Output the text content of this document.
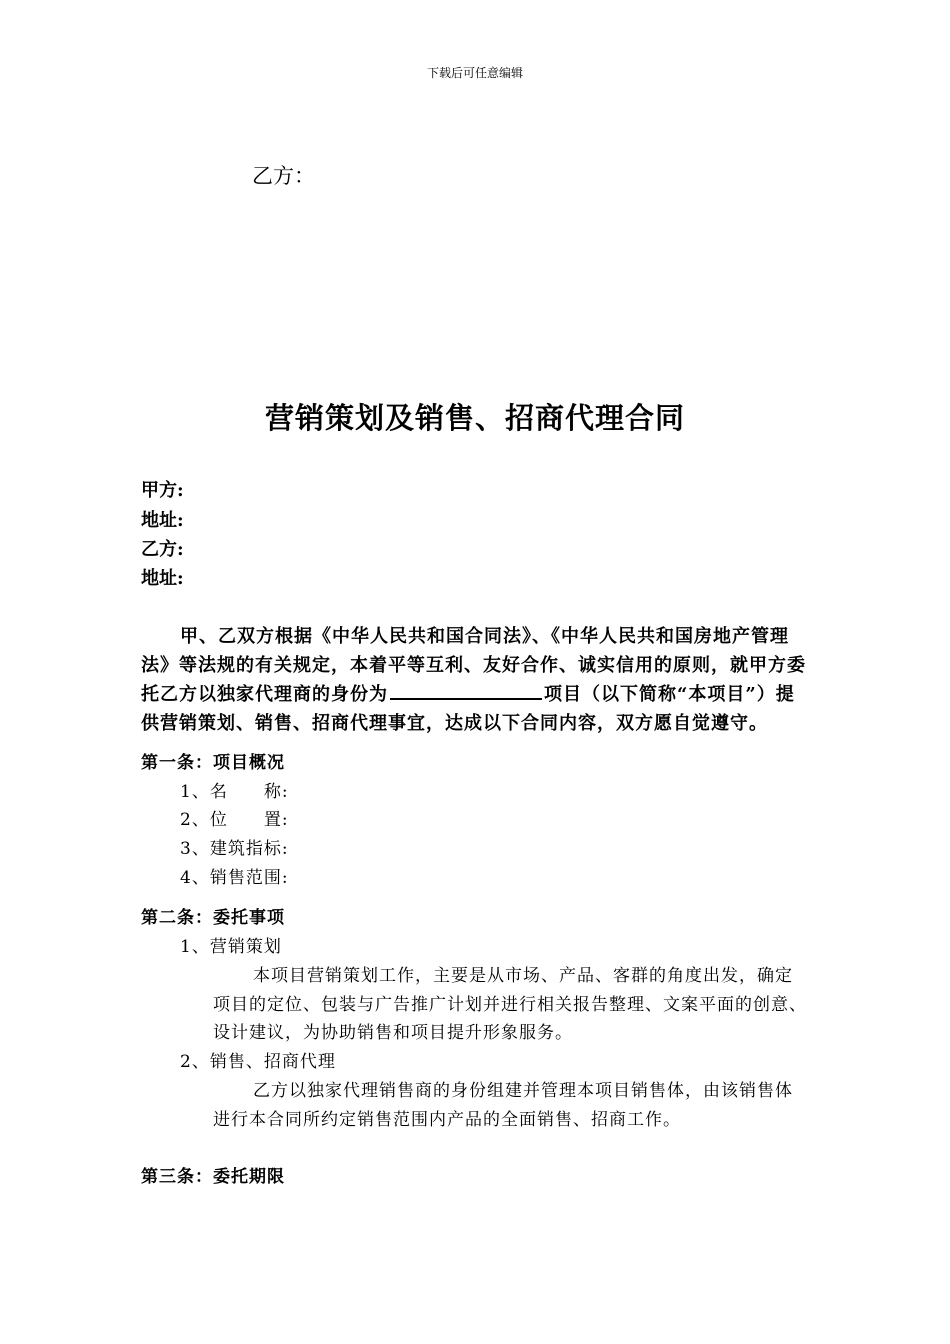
下载后可任意编辑
乙方：
营销策划及销售、招商代理合同
甲方:
地址:
乙方:
地址:
甲、乙双方根据《中华人民共和国合同法》、《中华人民共和国房地产管理
法》等法规的有关规定，本着平等互利、友好合作、诚实信用的原则，就甲方委
托乙方以独家代理商的身份为	项目（以下简称“本项目”）提
供营销策划、销售、招商代理事宜，达成以下合同内容，双方愿自觉遵守。
第一条：项目概况
1、名　　称:
2、位　　置:
3、建筑指标:
4、销售范围:
第二条：委托事项
1、营销策划
本项目营销策划工作，主要是从市场、产品、客群的角度出发，确定
项目的定位、包装与广告推广计划并进行相关报告整理、文案平面的创意、
设计建议，为协助销售和项目提升形象服务。
2、销售、招商代理
乙方以独家代理销售商的身份组建并管理本项目销售体，由该销售体
进行本合同所约定销售范围内产品的全面销售、招商工作。
第三条：委托期限
